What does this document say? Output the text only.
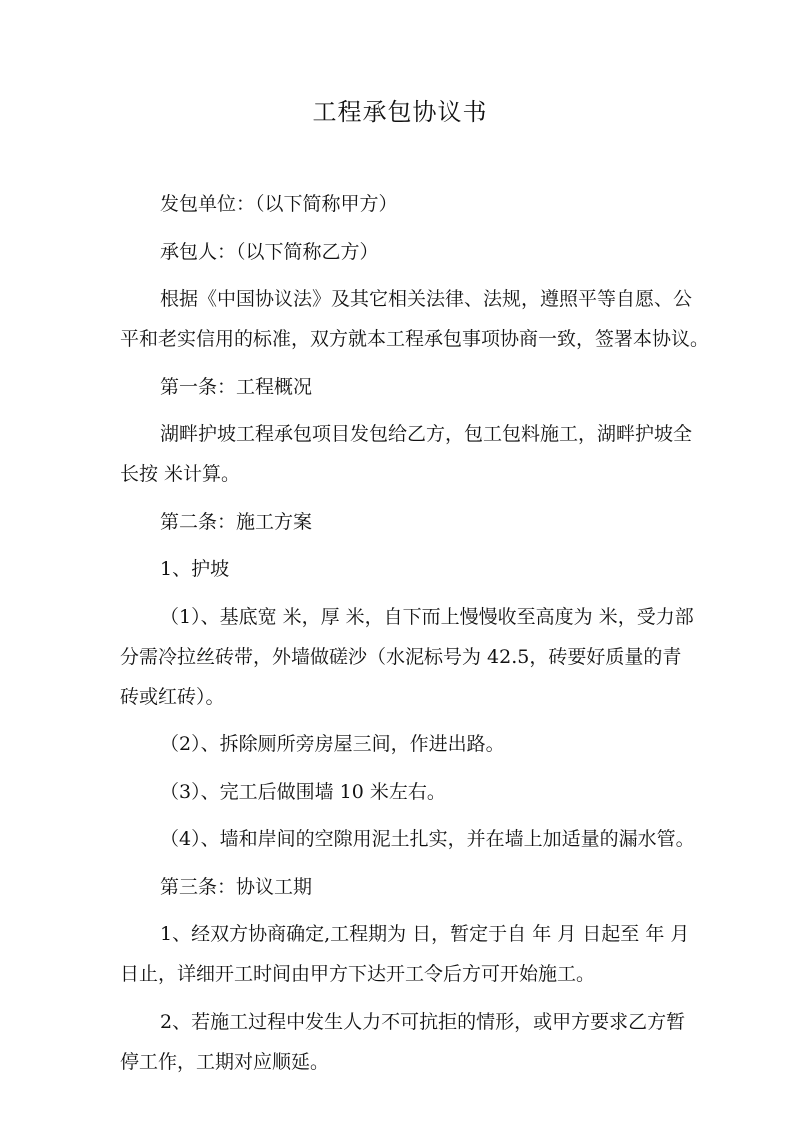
工程承包协议书
发包单位：（以下简称甲方）
承包人：（以下简称乙方）
根据《中国协议法》及其它相关法律、法规，遵照平等自愿、公
平和老实信用的标准，双方就本工程承包事项协商一致，签署本协议。
第一条：工程概况
湖畔护坡工程承包项目发包给乙方，包工包料施工，湖畔护坡全
长按 米计算。
第二条：施工方案
1、护坡
（1）、基底宽 米，厚 米，自下而上慢慢收至高度为 米，受力部
分需冷拉丝砖带，外墙做磋沙（水泥标号为 42.5，砖要好质量的青
砖或红砖）。
（2）、拆除厕所旁房屋三间，作进出路。
（3）、完工后做围墙 10 米左右。
（4）、墙和岸间的空隙用泥土扎实，并在墙上加适量的漏水管。
第三条：协议工期
1、经双方协商确定,工程期为 日，暂定于自 年 月 日起至 年 月
日止，详细开工时间由甲方下达开工令后方可开始施工。
2、若施工过程中发生人力不可抗拒的情形，或甲方要求乙方暂
停工作，工期对应顺延。
